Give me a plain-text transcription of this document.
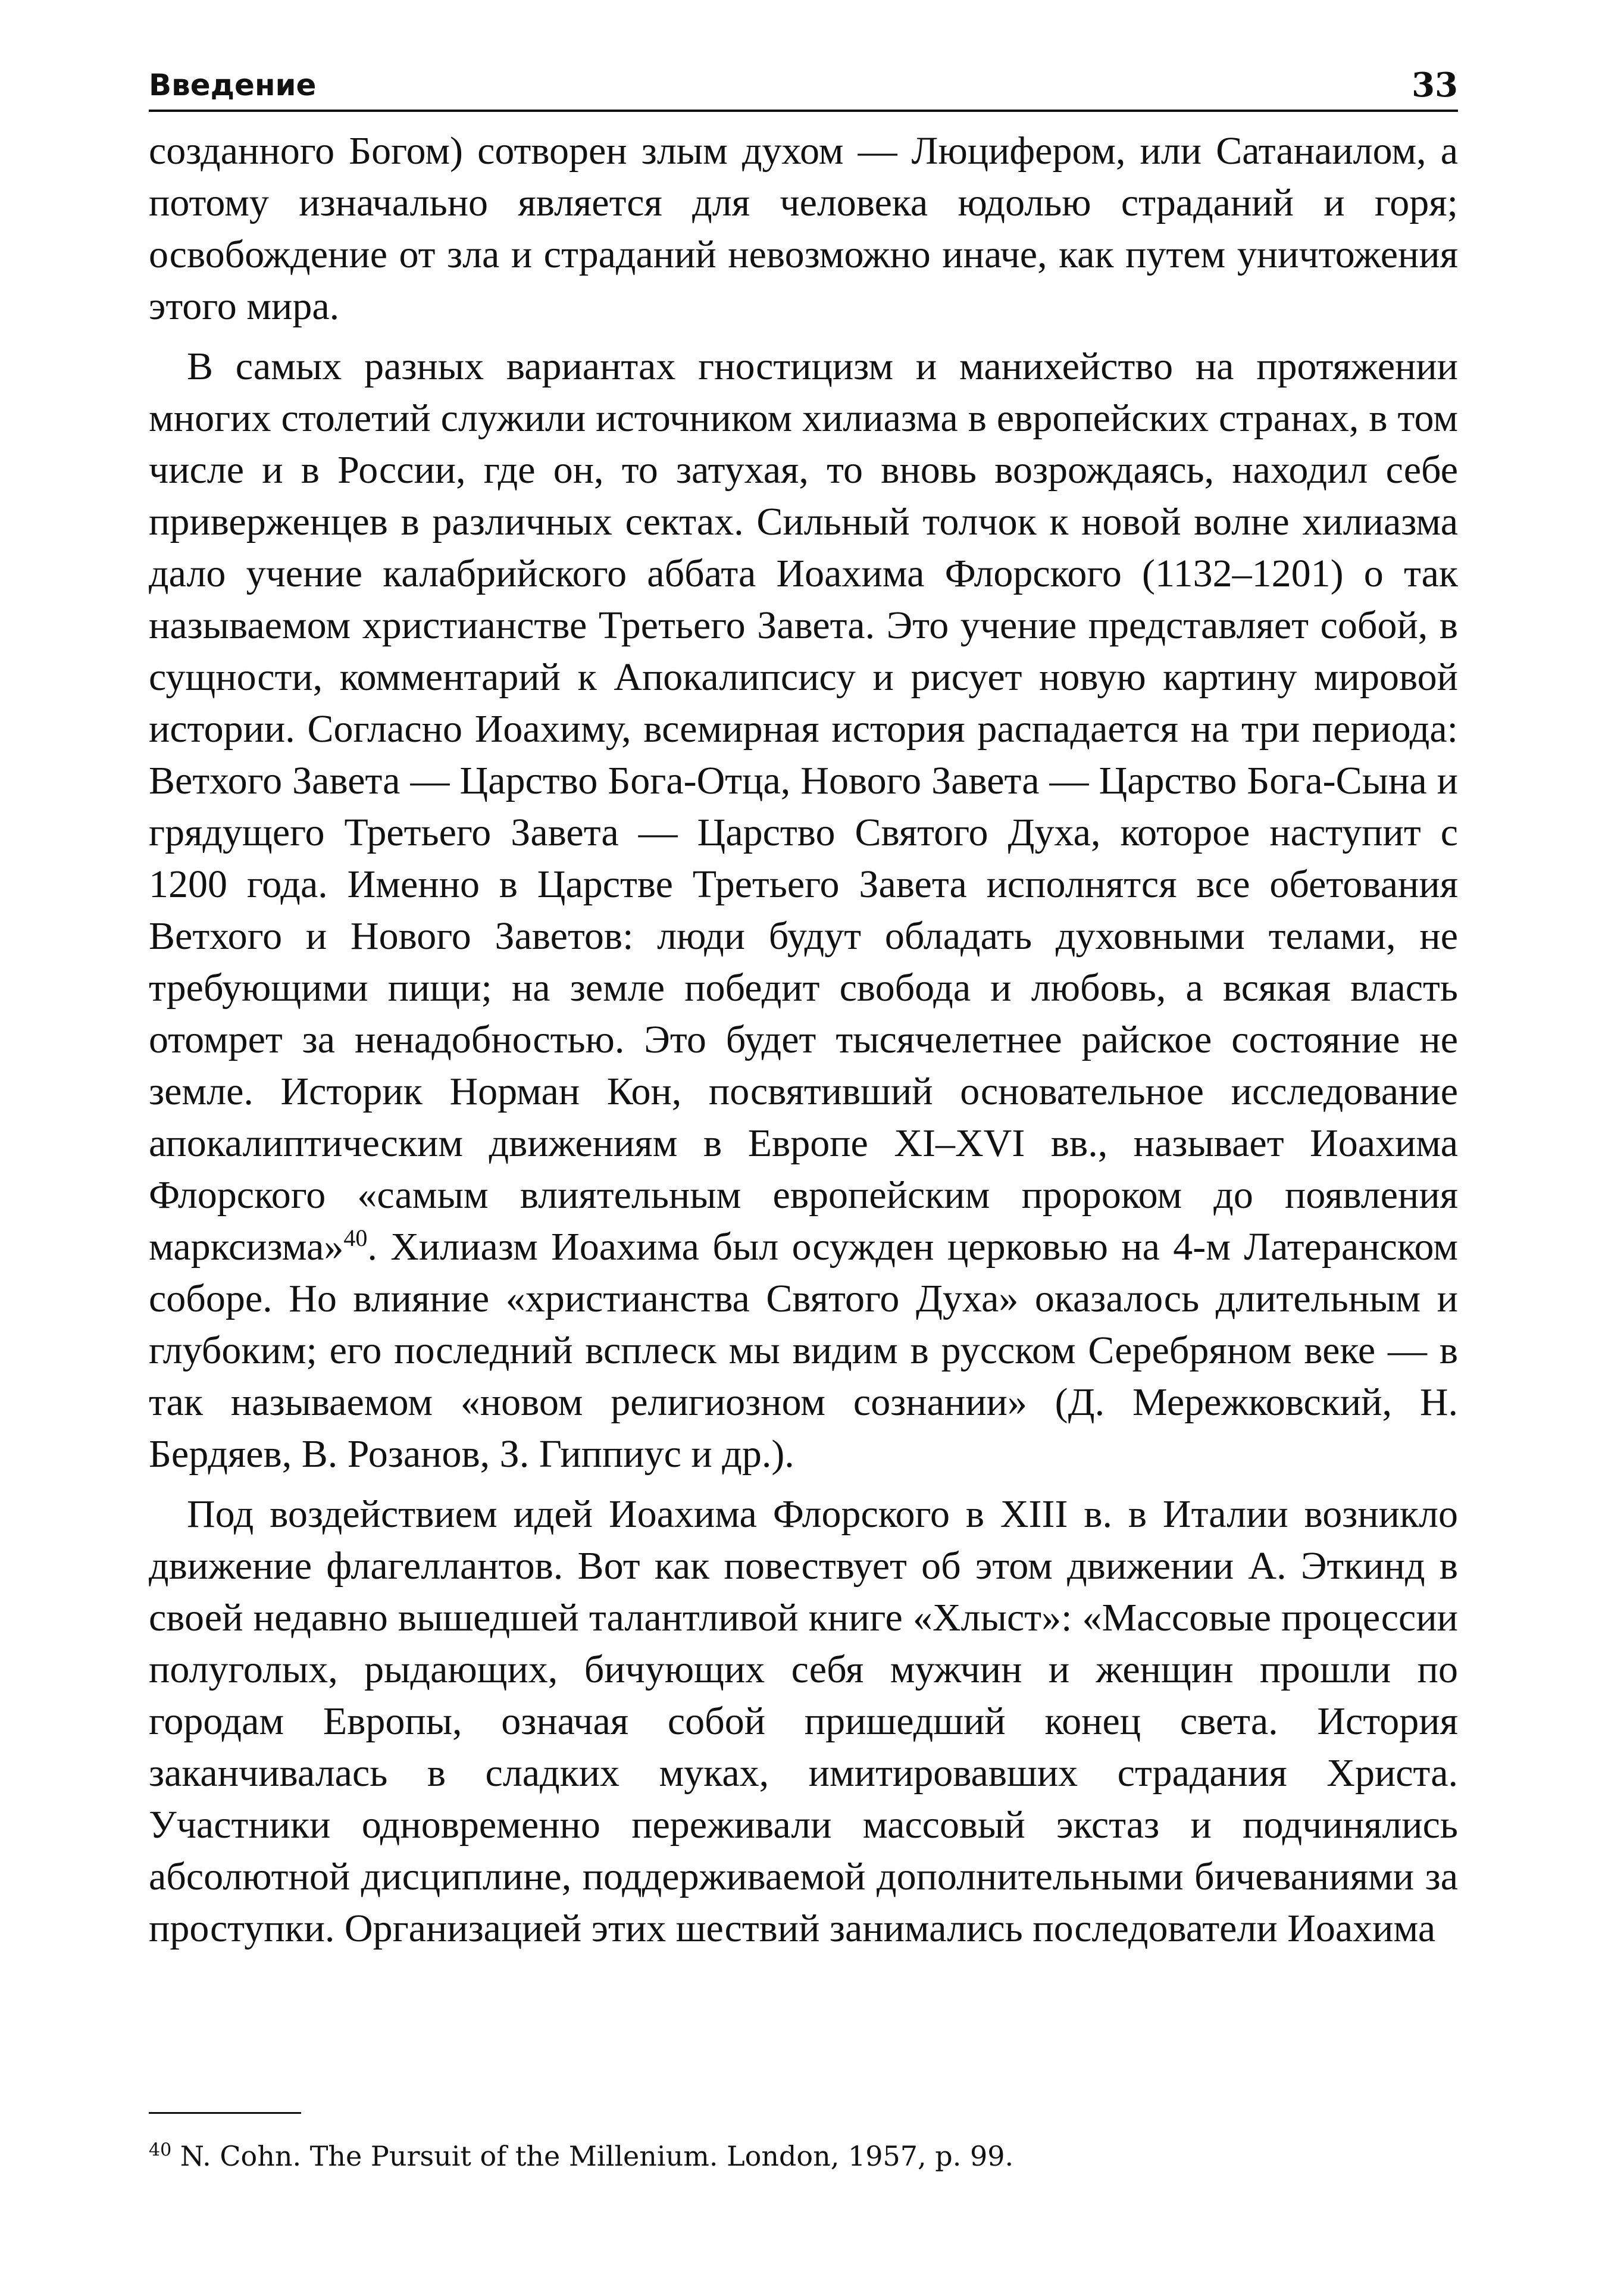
Введение	33

созданного Богом) сотворен злым духом — Люцифером, или Сатанаилом, а потому изначально является для человека юдолью страданий и горя; освобождение от зла и страданий невозможно иначе, как путем уничтожения этого мира.

В самых разных вариантах гностицизм и манихейство на протяжении многих столетий служили источником хилиазма в европейских странах, в том числе и в России, где он, то затухая, то вновь возрождаясь, находил себе приверженцев в различных сектах. Сильный толчок к новой волне хилиазма дало учение калабрийского аббата Иоахима Флорского (1132–1201) о так называемом христианстве Третьего Завета. Это учение представляет собой, в сущности, комментарий к Апокалипсису и рисует новую картину мировой истории. Согласно Иоахиму, всемирная история распадается на три периода: Ветхого Завета — Царство Бога-Отца, Нового Завета — Царство Бога-Сына и грядущего Третьего Завета — Царство Святого Духа, которое наступит с 1200 года. Именно в Царстве Третьего Завета исполнятся все обетования Ветхого и Нового Заветов: люди будут обладать духовными телами, не требующими пищи; на земле победит свобода и любовь, а всякая власть отомрет за ненадобностью. Это будет тысячелетнее райское состояние не земле. Историк Норман Кон, посвятивший основательное исследование апокалиптическим движениям в Европе XI–XVI вв., называет Иоахима Флорского «самым влиятельным европейским пророком до появления марксизма»$^{40}$. Хилиазм Иоахима был осужден церковью на 4-м Латеранском соборе. Но влияние «христианства Святого Духа» оказалось длительным и глубоким; его последний всплеск мы видим в русском Серебряном веке — в так называемом «новом религиозном сознании» (Д. Мережковский, Н. Бердяев, В. Розанов, З. Гиппиус и др.).

Под воздействием идей Иоахима Флорского в XIII в. в Италии возникло движение флагеллантов. Вот как повествует об этом движении А. Эткинд в своей недавно вышедшей талантливой книге «Хлыст»: «Массовые процессии полуголых, рыдающих, бичующих себя мужчин и женщин прошли по городам Европы, означая собой пришедший конец света. История заканчивалась в сладких муках, имитировавших страдания Христа. Участники одновременно переживали массовый экстаз и подчинялись абсолютной дисциплине, поддерживаемой дополнительными бичеваниями за проступки. Организацией этих шествий занимались последователи Иоахима

$^{40}$ N. Cohn. The Pursuit of the Millenium. London, 1957, p. 99.
